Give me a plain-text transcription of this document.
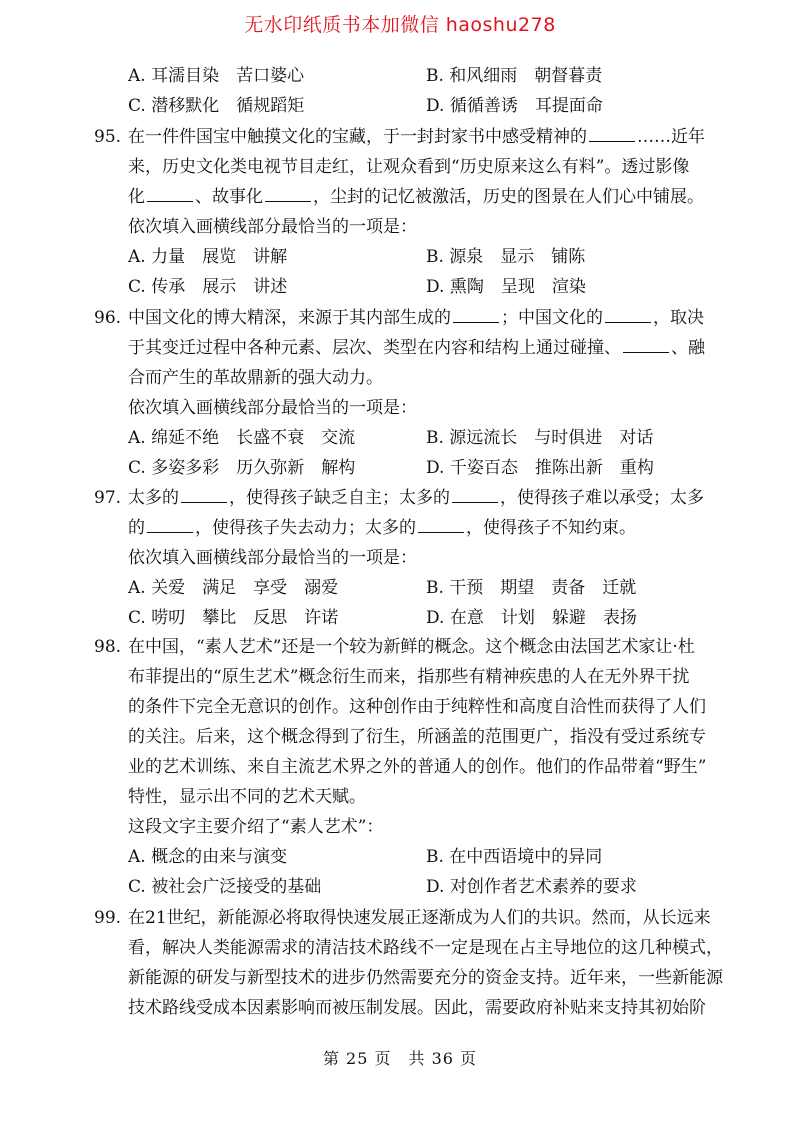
无水印纸质书本加微信 haoshu278
A. 耳濡目染　苦口婆心	B. 和风细雨　朝督暮责
C. 潜移默化　循规蹈矩	D. 循循善诱　耳提面命
95. 在一件件国宝中触摸文化的宝藏，于一封封家书中感受精神的	……近年
来，历史文化类电视节目走红，让观众看到“历史原来这么有料”。透过影像
化	、故事化	，尘封的记忆被激活，历史的图景在人们心中铺展。
依次填入画横线部分最恰当的一项是：
A. 力量　展览　讲解	B. 源泉　显示　铺陈
C. 传承　展示　讲述	D. 熏陶　呈现　渲染
96. 中国文化的博大精深，来源于其内部生成的	；中国文化的	，取决
于其变迁过程中各种元素、层次、类型在内容和结构上通过碰撞、	、融
合而产生的革故鼎新的强大动力。
依次填入画横线部分最恰当的一项是：
A. 绵延不绝　长盛不衰　交流	B. 源远流长　与时俱进　对话
C. 多姿多彩　历久弥新　解构	D. 千姿百态　推陈出新　重构
97. 太多的	，使得孩子缺乏自主；太多的	，使得孩子难以承受；太多
的	，使得孩子失去动力；太多的	，使得孩子不知约束。
依次填入画横线部分最恰当的一项是：
A. 关爱　满足　享受　溺爱	B. 干预　期望　责备　迁就
C. 唠叨　攀比　反思　许诺	D. 在意　计划　躲避　表扬
98. 在中国，“素人艺术”还是一个较为新鲜的概念。这个概念由法国艺术家让·杜
布菲提出的“原生艺术”概念衍生而来，指那些有精神疾患的人在无外界干扰
的条件下完全无意识的创作。这种创作由于纯粹性和高度自洽性而获得了人们
的关注。后来，这个概念得到了衍生，所涵盖的范围更广，指没有受过系统专
业的艺术训练、来自主流艺术界之外的普通人的创作。他们的作品带着“野生”
特性，显示出不同的艺术天赋。
这段文字主要介绍了“素人艺术”：
A. 概念的由来与演变	B. 在中西语境中的异同
C. 被社会广泛接受的基础	D. 对创作者艺术素养的要求
99. 在21世纪，新能源必将取得快速发展正逐渐成为人们的共识。然而，从长远来
看，解决人类能源需求的清洁技术路线不一定是现在占主导地位的这几种模式，
新能源的研发与新型技术的进步仍然需要充分的资金支持。近年来，一些新能源
技术路线受成本因素影响而被压制发展。因此，需要政府补贴来支持其初始阶
第 25 页　共 36 页
